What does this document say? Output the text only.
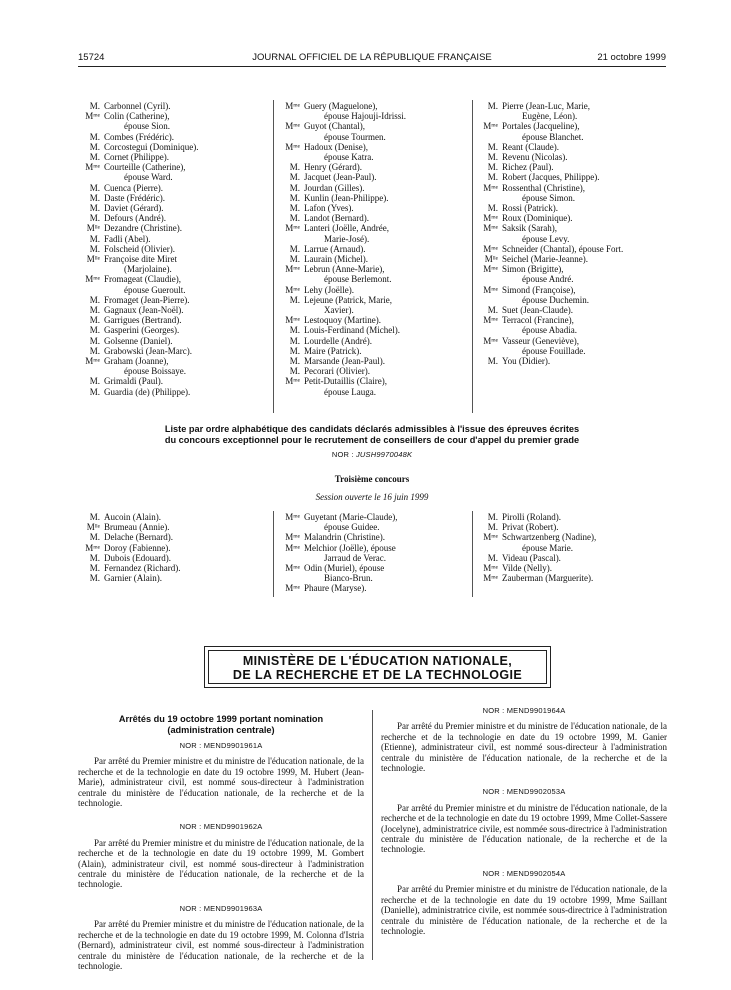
15724	JOURNAL OFFICIEL DE LA RÉPUBLIQUE FRANÇAISE	21 octobre 1999
M. Carbonnel (Cyril).
Mᵐᵉ Colin (Catherine),
épouse Sion.
M. Combes (Frédéric).
M. Corcostegui (Dominique).
M. Cornet (Philippe).
Mᵐᵉ Courteille (Catherine),
épouse Ward.
M. Cuenca (Pierre).
M. Daste (Frédéric).
M. Daviet (Gérard).
M. Defours (André).
Mˡˡᵉ Dezandre (Christine).
M. Fadli (Abel).
M. Folscheid (Olivier).
Mˡˡᵉ Françoise dite Miret
(Marjolaine).
Mᵐᵉ Fromageat (Claudie),
épouse Gueroult.
M. Fromaget (Jean-Pierre).
M. Gagnaux (Jean-Noël).
M. Garrigues (Bertrand).
M. Gasperini (Georges).
M. Golsenne (Daniel).
M. Grabowski (Jean-Marc).
Mᵐᵉ Graham (Joanne),
épouse Boissaye.
M. Grimaldi (Paul).
M. Guardia (de) (Philippe).
Mᵐᵉ Guery (Maguelone),
épouse Hajouji-Idrissi.
Mᵐᵉ Guyot (Chantal),
épouse Tourmen.
Mᵐᵉ Hadoux (Denise),
épouse Katra.
M. Henry (Gérard).
M. Jacquet (Jean-Paul).
M. Jourdan (Gilles).
M. Kunlin (Jean-Philippe).
M. Lafon (Yves).
M. Landot (Bernard).
Mᵐᵉ Lanteri (Joëlle, Andrée,
Marie-José).
M. Larrue (Arnaud).
M. Laurain (Michel).
Mᵐᵉ Lebrun (Anne-Marie),
épouse Berlemont.
Mᵐᵉ Lehy (Joëlle).
M. Lejeune (Patrick, Marie,
Xavier).
Mᵐᵉ Lestoquoy (Martine).
M. Louis-Ferdinand (Michel).
M. Lourdelle (André).
M. Maire (Patrick).
M. Marsande (Jean-Paul).
M. Pecorari (Olivier).
Mᵐᵉ Petit-Dutaillis (Claire),
épouse Lauga.
M. Pierre (Jean-Luc, Marie,
Eugène, Léon).
Mᵐᵉ Portales (Jacqueline),
épouse Blanchet.
M. Reant (Claude).
M. Revenu (Nicolas).
M. Richez (Paul).
M. Robert (Jacques, Philippe).
Mᵐᵉ Rossenthal (Christine),
épouse Simon.
M. Rossi (Patrick).
Mᵐᵉ Roux (Dominique).
Mᵐᵉ Saksik (Sarah),
épouse Levy.
Mᵐᵉ Schneider (Chantal), épouse Fort.
Mˡˡᵉ Seichel (Marie-Jeanne).
Mᵐᵉ Simon (Brigitte),
épouse André.
Mᵐᵉ Simond (Françoise),
épouse Duchemin.
M. Suet (Jean-Claude).
Mᵐᵉ Terracol (Francine),
épouse Abadia.
Mᵐᵉ Vasseur (Geneviève),
épouse Fouillade.
M. You (Didier).
Liste par ordre alphabétique des candidats déclarés admissibles à l'issue des épreuves écrites
du concours exceptionnel pour le recrutement de conseillers de cour d'appel du premier grade
NOR : JUSH9970048K
Troisième concours
Session ouverte le 16 juin 1999
M. Aucoin (Alain).
Mˡˡᵉ Brumeau (Annie).
M. Delache (Bernard).
Mᵐᵉ Doroy (Fabienne).
M. Dubois (Edouard).
M. Fernandez (Richard).
M. Garnier (Alain).
Mᵐᵉ Guyetant (Marie-Claude),
épouse Guidee.
Mᵐᵉ Malandrin (Christine).
Mᵐᵉ Melchior (Joëlle), épouse
Jarraud de Verac.
Mᵐᵉ Odin (Muriel), épouse
Bianco-Brun.
Mᵐᵉ Phaure (Maryse).
M. Pirolli (Roland).
M. Privat (Robert).
Mᵐᵉ Schwartzenberg (Nadine),
épouse Marie.
M. Videau (Pascal).
Mᵐᵉ Vilde (Nelly).
Mᵐᵉ Zauberman (Marguerite).
MINISTÈRE DE L'ÉDUCATION NATIONALE,
DE LA RECHERCHE ET DE LA TECHNOLOGIE
Arrêtés du 19 octobre 1999 portant nomination
(administration centrale)
NOR : MEND9901961A

Par arrêté du Premier ministre et du ministre de l'éducation nationale, de la recherche et de la technologie en date du 19 octobre 1999, M. Hubert (Jean-Marie), administrateur civil, est nommé sous-directeur à l'administration centrale du ministère de l'éducation nationale, de la recherche et de la technologie.

NOR : MEND9901962A

Par arrêté du Premier ministre et du ministre de l'éducation nationale, de la recherche et de la technologie en date du 19 octobre 1999, M. Gombert (Alain), administrateur civil, est nommé sous-directeur à l'administration centrale du ministère de l'éducation nationale, de la recherche et de la technologie.

NOR : MEND9901963A

Par arrêté du Premier ministre et du ministre de l'éducation nationale, de la recherche et de la technologie en date du 19 octobre 1999, M. Colonna d'Istria (Bernard), administrateur civil, est nommé sous-directeur à l'administration centrale du ministère de l'éducation nationale, de la recherche et de la technologie.

NOR : MEND9901964A

Par arrêté du Premier ministre et du ministre de l'éducation nationale, de la recherche et de la technologie en date du 19 octobre 1999, M. Ganier (Etienne), administrateur civil, est nommé sous-directeur à l'administration centrale du ministère de l'éducation nationale, de la recherche et de la technologie.

NOR : MEND9902053A

Par arrêté du Premier ministre et du ministre de l'éducation nationale, de la recherche et de la technologie en date du 19 octobre 1999, Mme Collet-Sassere (Jocelyne), administratrice civile, est nommée sous-directrice à l'administration centrale du ministère de l'éducation nationale, de la recherche et de la technologie.

NOR : MEND9902054A

Par arrêté du Premier ministre et du ministre de l'éducation nationale, de la recherche et de la technologie en date du 19 octobre 1999, Mme Saillant (Danielle), administratrice civile, est nommée sous-directrice à l'administration centrale du ministère de l'éducation nationale, de la recherche et de la technologie.
